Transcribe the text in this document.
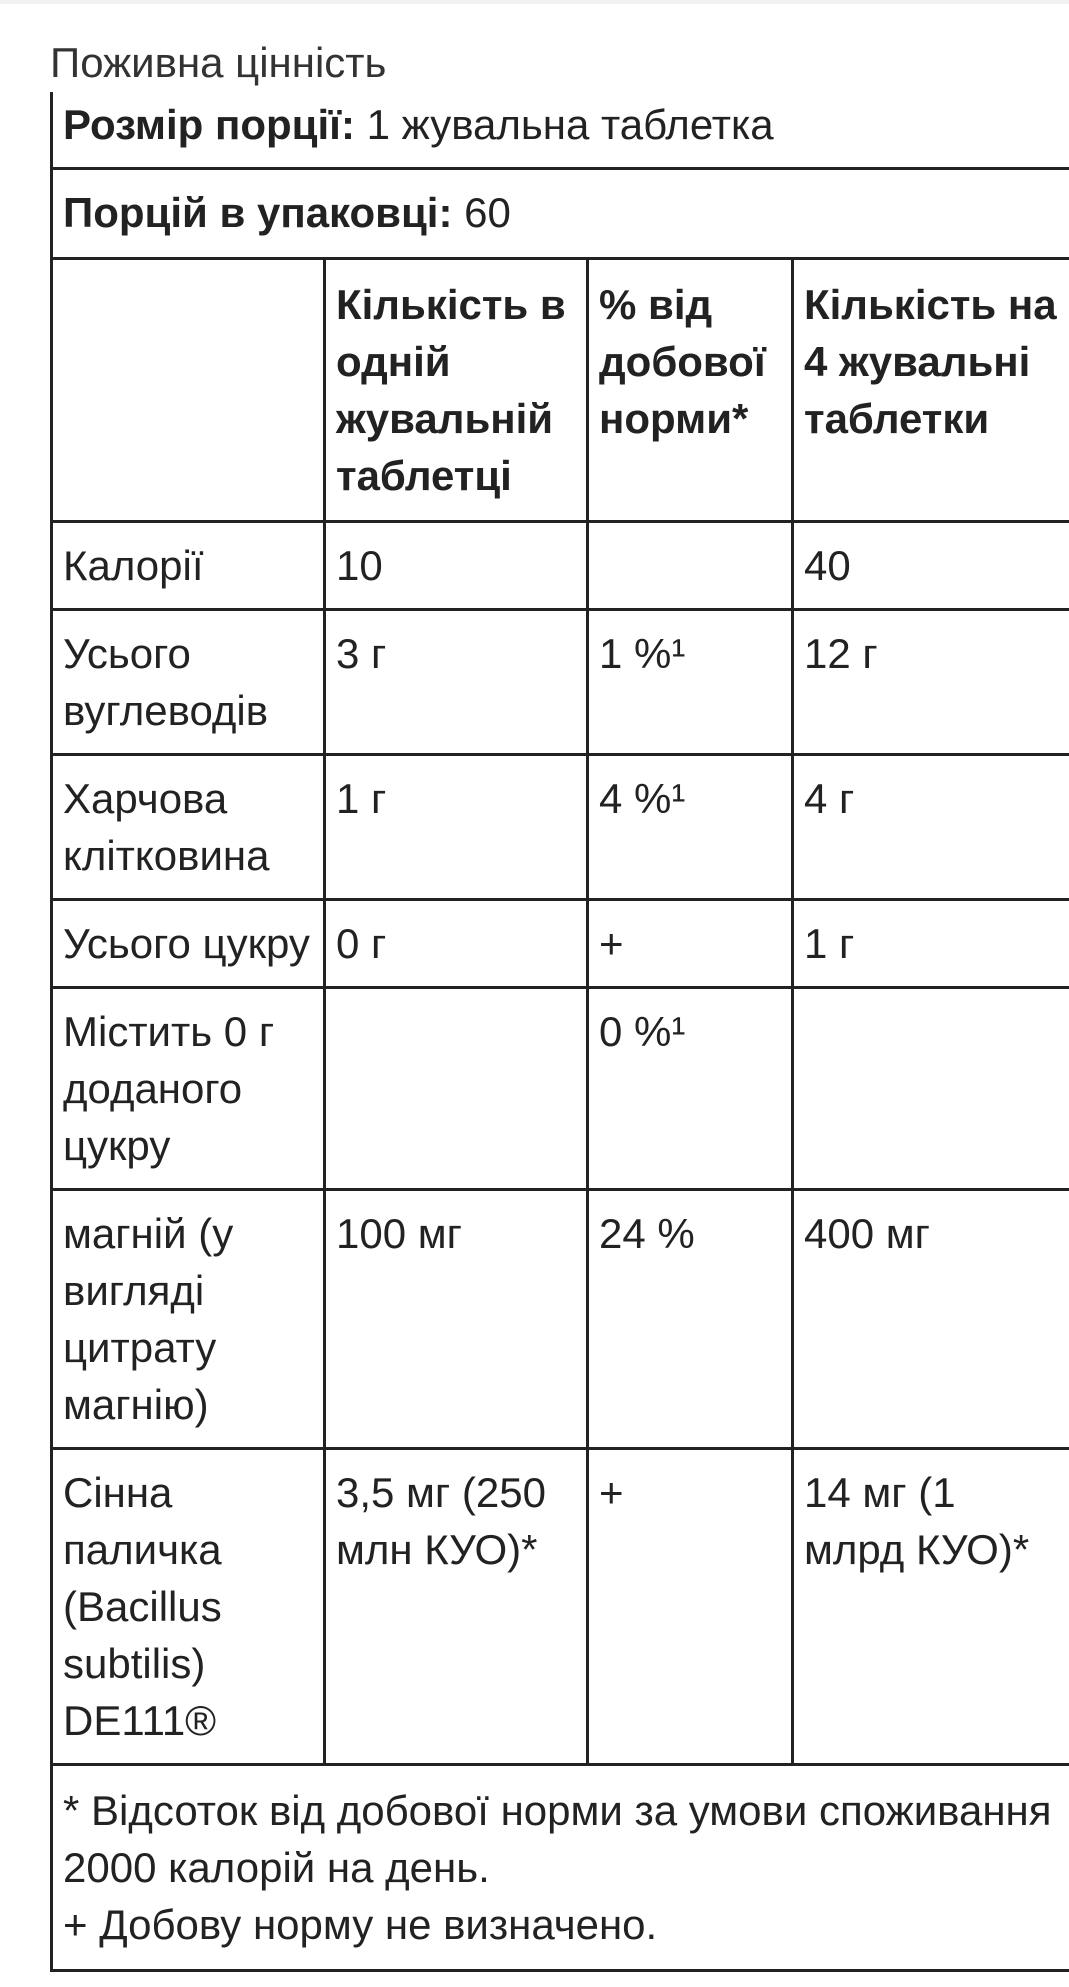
Поживна цінність
Розмір порції: 1 жувальна таблетка			
Порцій в упаковці: 60			
	Кількість в одній жувальній таблетці	% від добової норми*	Кількість на 4 жувальні таблетки
Калорії	10		40
Усього вуглеводів	3 г	1 %¹	12 г
Харчова клітковина	1 г	4 %¹	4 г
Усього цукру	0 г	+	1 г
Містить 0 г доданого цукру		0 %¹	
магній (у вигляді цитрату магнію)	100 мг	24 %	400 мг
Сінна паличка (Bacillus subtilis) DE111®	3,5 мг (250 млн КУО)*	+	14 мг (1 млрд КУО)*

* Відсоток від добової норми за умови споживання 2000 калорій на день.
+ Добову норму не визначено.			
